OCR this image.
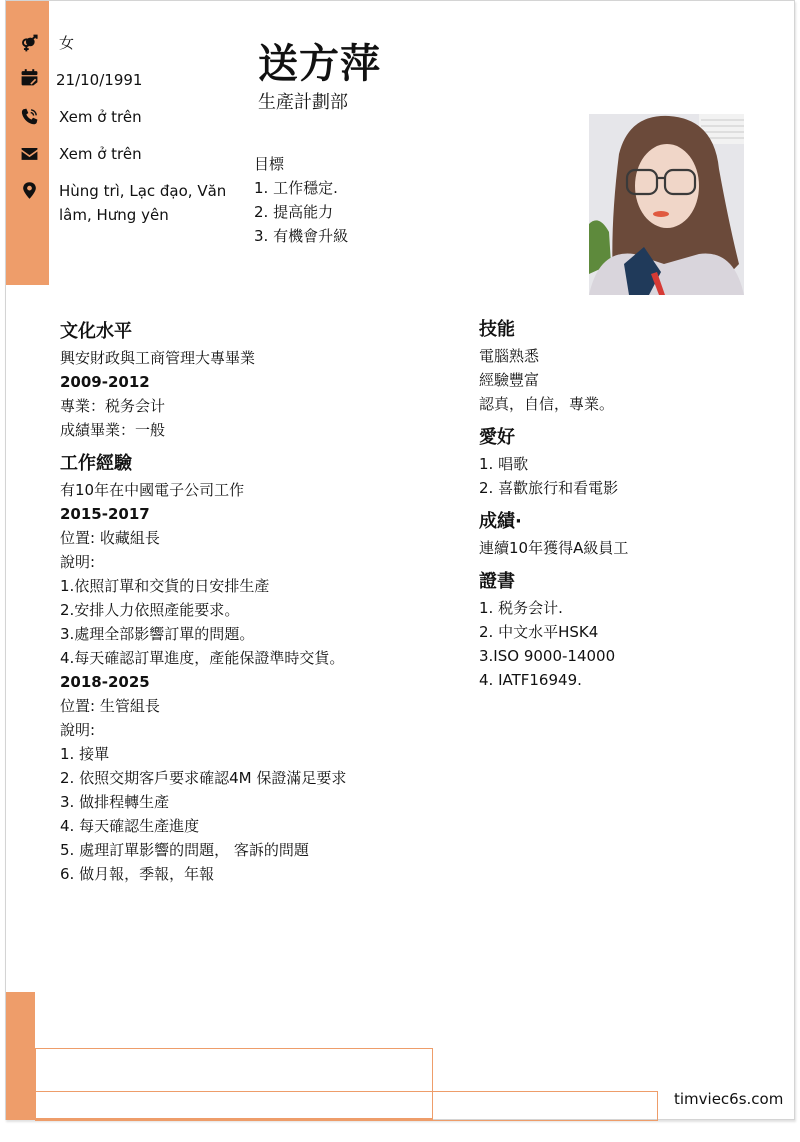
女
21/10/1991
Xem ở trên
Xem ở trên
Hùng trì, Lạc đạo, Văn
lâm, Hưng yên
送方萍
生產計劃部
目標
1. 工作穩定.
2. 提高能力
3. 有機會升級
文化水平
興安財政與工商管理大專畢業
2009-2012
專業：税务会计
成績畢業：一般
工作經驗
有10年在中國電子公司工作
2015-2017
位置: 收藏組長
說明:
1.依照訂單和交貨的日安排生產
2.安排人力依照產能要求。
3.處理全部影響訂單的問題。
4.每天確認訂單進度，產能保證準時交貨。
2018-2025
位置: 生管組長
說明:
1. 接單
2. 依照交期客戶要求確認4M 保證滿足要求
3. 做排程轉生產
4. 每天確認生產進度
5. 處理訂單影響的問題， 客訴的問題
6. 做月報，季報，年報
技能
電腦熟悉
經驗豐富
認真，自信，專業。
愛好
1. 唱歌
2. 喜歡旅行和看電影
成績·
連續10年獲得A級員工
證書
1. 税务会计.
2. 中文水平HSK4
3.ISO 9000-14000
4. IATF16949.
timviec6s.com
